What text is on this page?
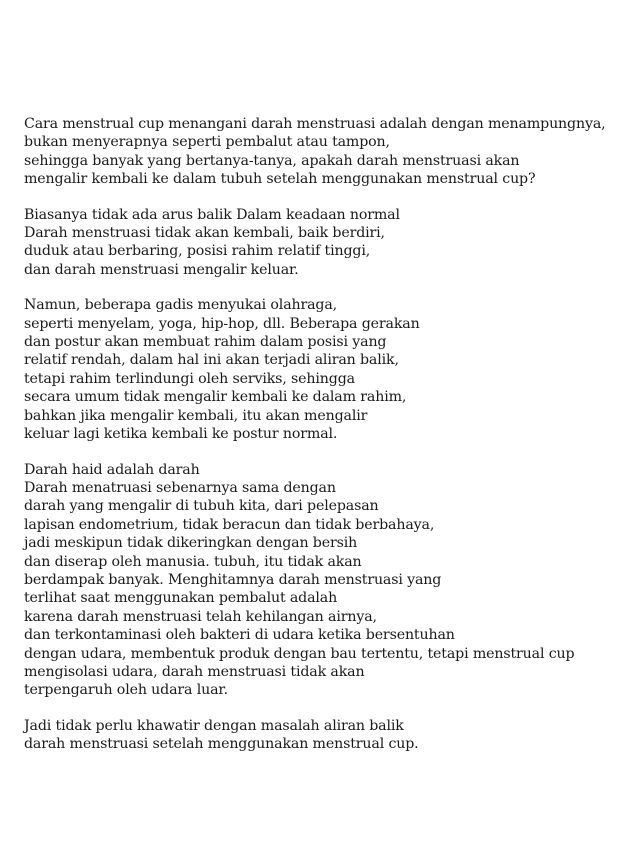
Cara menstrual cup menangani darah menstruasi adalah dengan menampungnya,
bukan menyerapnya seperti pembalut atau tampon,
sehingga banyak yang bertanya-tanya, apakah darah menstruasi akan
mengalir kembali ke dalam tubuh setelah menggunakan menstrual cup?

Biasanya tidak ada arus balik Dalam keadaan normal
Darah menstruasi tidak akan kembali, baik berdiri,
duduk atau berbaring, posisi rahim relatif tinggi,
dan darah menstruasi mengalir keluar.

Namun, beberapa gadis menyukai olahraga,
seperti menyelam, yoga, hip-hop, dll. Beberapa gerakan
dan postur akan membuat rahim dalam posisi yang
relatif rendah, dalam hal ini akan terjadi aliran balik,
tetapi rahim terlindungi oleh serviks, sehingga
secara umum tidak mengalir kembali ke dalam rahim,
bahkan jika mengalir kembali, itu akan mengalir
keluar lagi ketika kembali ke postur normal.

Darah haid adalah darah
Darah menatruasi sebenarnya sama dengan
darah yang mengalir di tubuh kita, dari pelepasan
lapisan endometrium, tidak beracun dan tidak berbahaya,
jadi meskipun tidak dikeringkan dengan bersih
dan diserap oleh manusia. tubuh, itu tidak akan
berdampak banyak. Menghitamnya darah menstruasi yang
terlihat saat menggunakan pembalut adalah
karena darah menstruasi telah kehilangan airnya,
dan terkontaminasi oleh bakteri di udara ketika bersentuhan
dengan udara, membentuk produk dengan bau tertentu, tetapi menstrual cup
mengisolasi udara, darah menstruasi tidak akan
terpengaruh oleh udara luar.

Jadi tidak perlu khawatir dengan masalah aliran balik
darah menstruasi setelah menggunakan menstrual cup.
